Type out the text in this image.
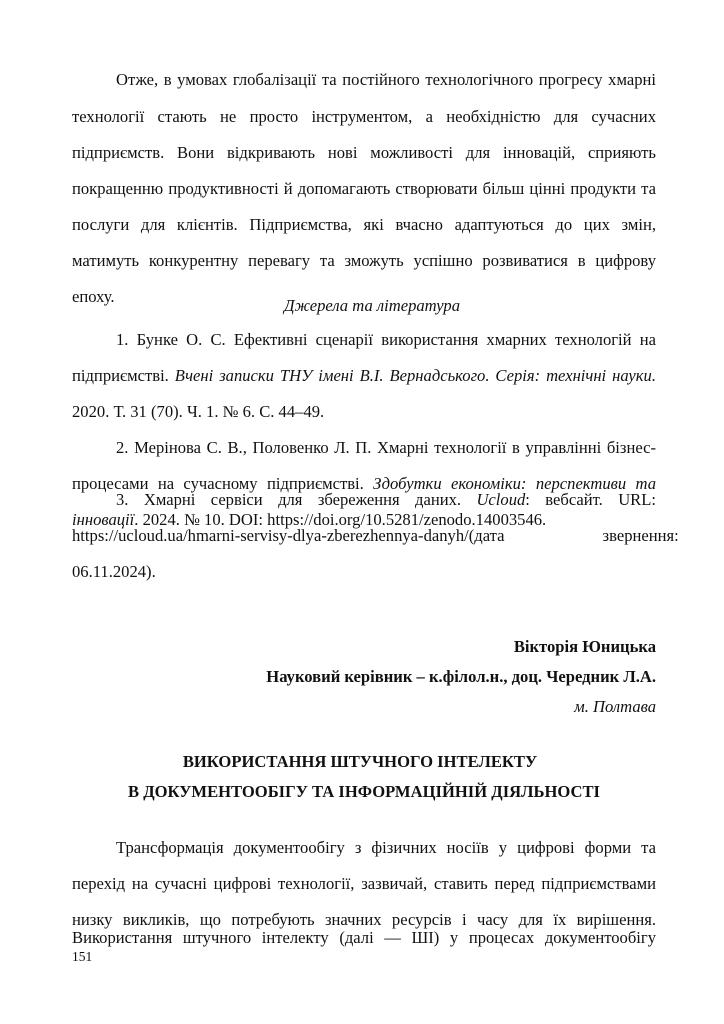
Отже, в умовах глобалізації та постійного технологічного прогресу хмарні
технології стають не просто інструментом, а необхідністю для сучасних
підприємств. Вони відкривають нові можливості для інновацій, сприяють
покращенню продуктивності й допомагають створювати більш цінні продукти та
послуги для клієнтів. Підприємства, які вчасно адаптуються до цих змін,
матимуть конкурентну перевагу та зможуть успішно розвиватися в цифрову
епоху.	Джерела та література
1. Бунке О. С. Ефективні сценарії використання хмарних технологій на
підприємстві. Вчені записки ТНУ імені В.І. Вернадського. Серія: технічні науки.
2020. Т. 31 (70). Ч. 1. № 6. С. 44–49.
2. Мерінова С. В., Половенко Л. П. Хмарні технології в управлінні бізнес-
процесами на сучасному підприємстві. Здобутки економіки: перспективи та
інновації. 2024. № 10. DOI: https://doi.org/10.5281/zenodo.14003546.
3. Хмарні сервіси для збереження даних. Ucloud: вебсайт. URL:
https://ucloud.ua/hmarni-servisy-dlya-zberezhennya-danyh/ (дата звернення:
06.11.2024).
Вікторія Юницька
Науковий керівник – к.філол.н., доц. Чередник Л.А.
м. Полтава
ВИКОРИСТАННЯ ШТУЧНОГО ІНТЕЛЕКТУ
В ДОКУМЕНТООБІГУ ТА ІНФОРМАЦІЙНІЙ ДІЯЛЬНОСТІ
Трансформація документообігу з фізичних носіїв у цифрові форми та
перехід на сучасні цифрові технології, зазвичай, ставить перед підприємствами
низку викликів, що потребують значних ресурсів і часу для їх вирішення.
Використання штучного інтелекту (далі — ШІ) у процесах документообігу
151
